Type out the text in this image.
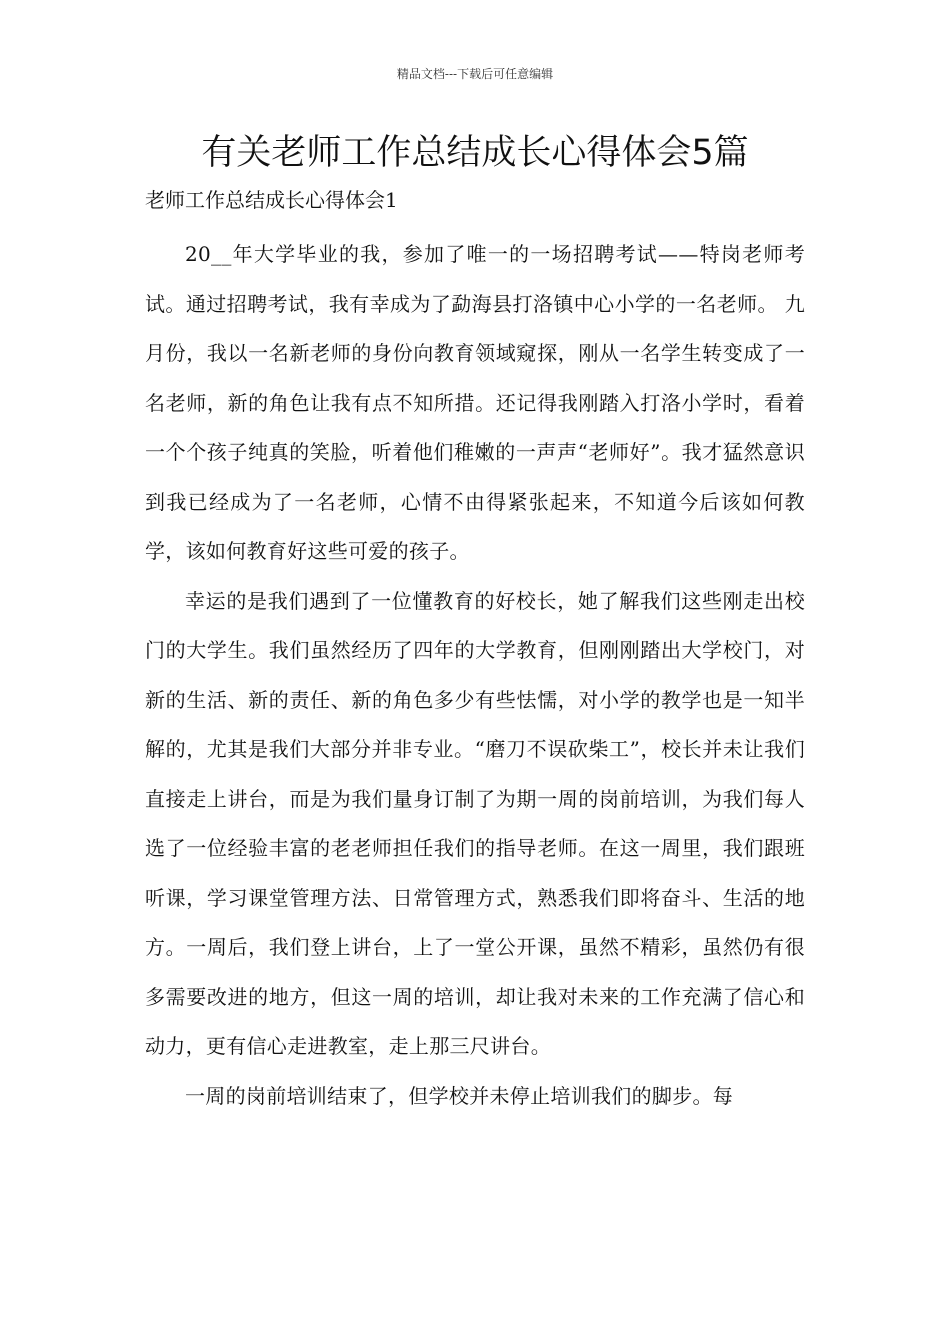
精品文档---下载后可任意编辑
有关老师工作总结成长心得体会5篇

老师工作总结成长心得体会1

20__年大学毕业的我，参加了唯一的一场招聘考试——特岗老师考试。通过招聘考试，我有幸成为了勐海县打洛镇中心小学的一名老师。 九月份，我以一名新老师的身份向教育领域窥探，刚从一名学生转变成了一名老师，新的角色让我有点不知所措。还记得我刚踏入打洛小学时，看着一个个孩子纯真的笑脸，听着他们稚嫩的一声声“老师好”。我才猛然意识到我已经成为了一名老师，心情不由得紧张起来，不知道今后该如何教学，该如何教育好这些可爱的孩子。

幸运的是我们遇到了一位懂教育的好校长，她了解我们这些刚走出校门的大学生。我们虽然经历了四年的大学教育，但刚刚踏出大学校门，对新的生活、新的责任、新的角色多少有些怯懦，对小学的教学也是一知半解的，尤其是我们大部分并非专业。“磨刀不误砍柴工”，校长并未让我们直接走上讲台，而是为我们量身订制了为期一周的岗前培训，为我们每人选了一位经验丰富的老老师担任我们的指导老师。在这一周里，我们跟班听课，学习课堂管理方法、日常管理方式，熟悉我们即将奋斗、生活的地方。一周后，我们登上讲台，上了一堂公开课，虽然不精彩，虽然仍有很多需要改进的地方，但这一周的培训，却让我对未来的工作充满了信心和动力，更有信心走进教室，走上那三尺讲台。

一周的岗前培训结束了，但学校并未停止培训我们的脚步。每
